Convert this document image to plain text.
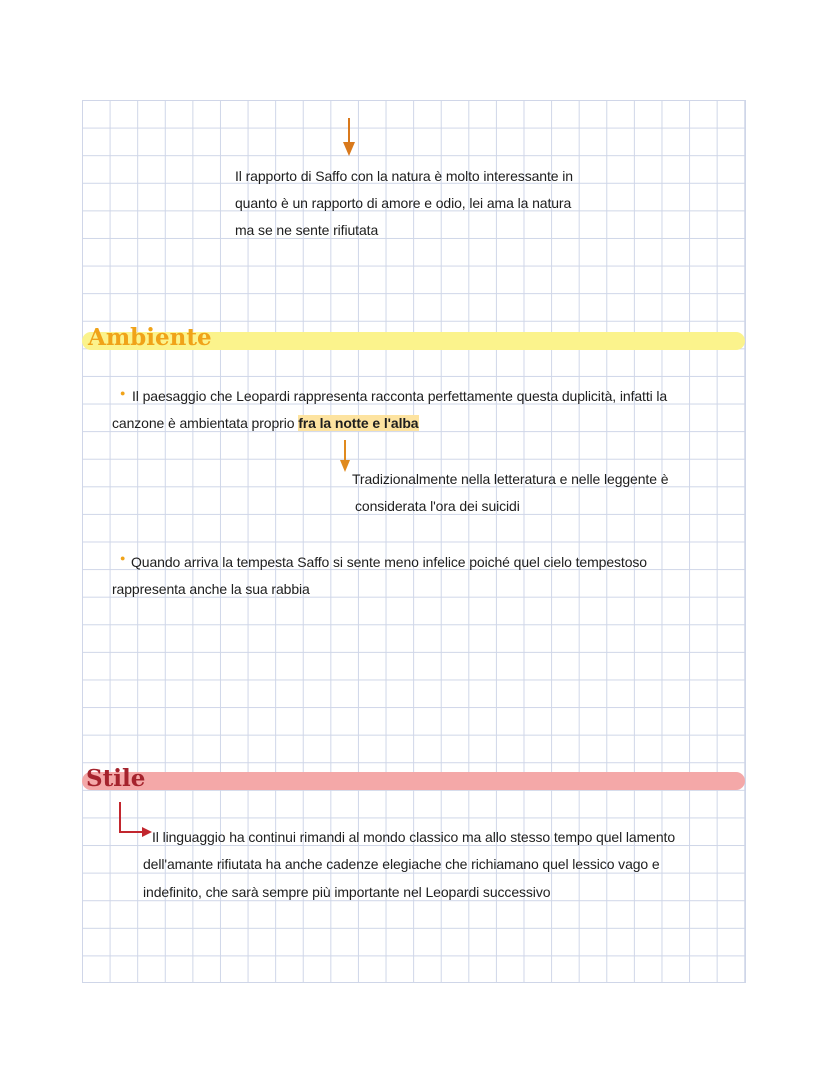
Il rapporto di Saffo con la natura è molto interessante in
quanto è un rapporto di amore e odio, lei ama la natura
ma se ne sente rifiutata
Ambiente
● Il paesaggio che Leopardi rappresenta racconta perfettamente questa duplicità, infatti la
canzone è ambientata proprio fra la notte e l'alba
Tradizionalmente nella letteratura e nelle leggente è
considerata l'ora dei suicidi
● Quando arriva la tempesta Saffo si sente meno infelice poiché quel cielo tempestoso
rappresenta anche la sua rabbia
Stile
Il linguaggio ha continui rimandi al mondo classico ma allo stesso tempo quel lamento
dell'amante rifiutata ha anche cadenze elegiache che richiamano quel lessico vago e
indefinito, che sarà sempre più importante nel Leopardi successivo
